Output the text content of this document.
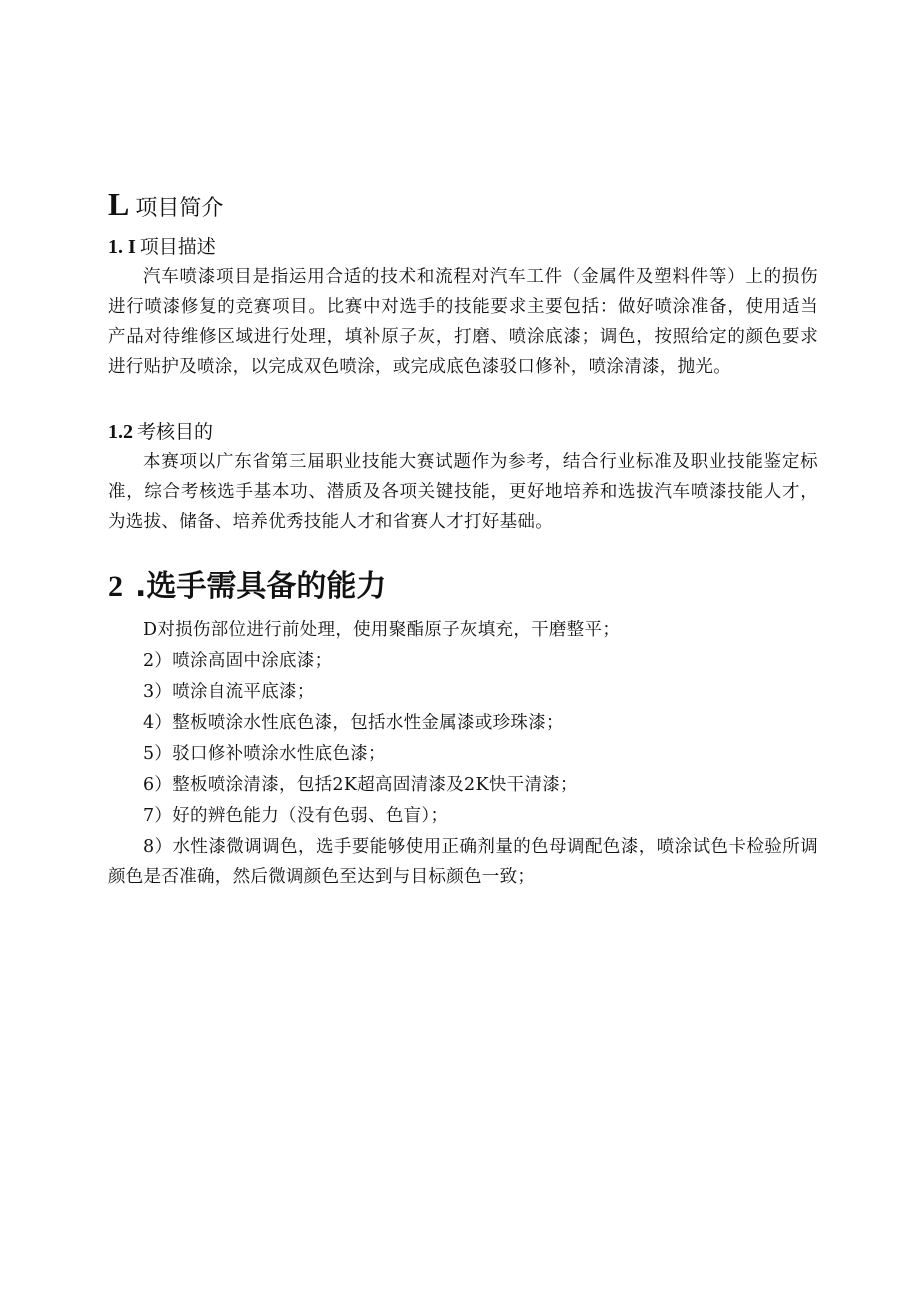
L 项目简介
1. I 项目描述

汽车喷漆项目是指运用合适的技术和流程对汽车工件（金属件及塑料件等）上的损伤进行喷漆修复的竞赛项目。比赛中对选手的技能要求主要包括：做好喷涂准备，使用适当产品对待维修区域进行处理，填补原子灰，打磨、喷涂底漆；调色，按照给定的颜色要求进行贴护及喷涂，以完成双色喷涂，或完成底色漆驳口修补，喷涂清漆，抛光。

1.2 考核目的

本赛项以广东省第三届职业技能大赛试题作为参考，结合行业标准及职业技能鉴定标准，综合考核选手基本功、潜质及各项关键技能，更好地培养和选拔汽车喷漆技能人才，为选拔、储备、培养优秀技能人才和省赛人才打好基础。

2 .选手需具备的能力

D对损伤部位进行前处理，使用聚酯原子灰填充，干磨整平；

2）喷涂高固中涂底漆；

3）喷涂自流平底漆；

4）整板喷涂水性底色漆，包括水性金属漆或珍珠漆；

5）驳口修补喷涂水性底色漆；

6）整板喷涂清漆，包括2K超高固清漆及2K快干清漆；

7）好的辨色能力（没有色弱、色盲）；

8）水性漆微调调色，选手要能够使用正确剂量的色母调配色漆，喷涂试色卡检验所调颜色是否准确，然后微调颜色至达到与目标颜色一致；
